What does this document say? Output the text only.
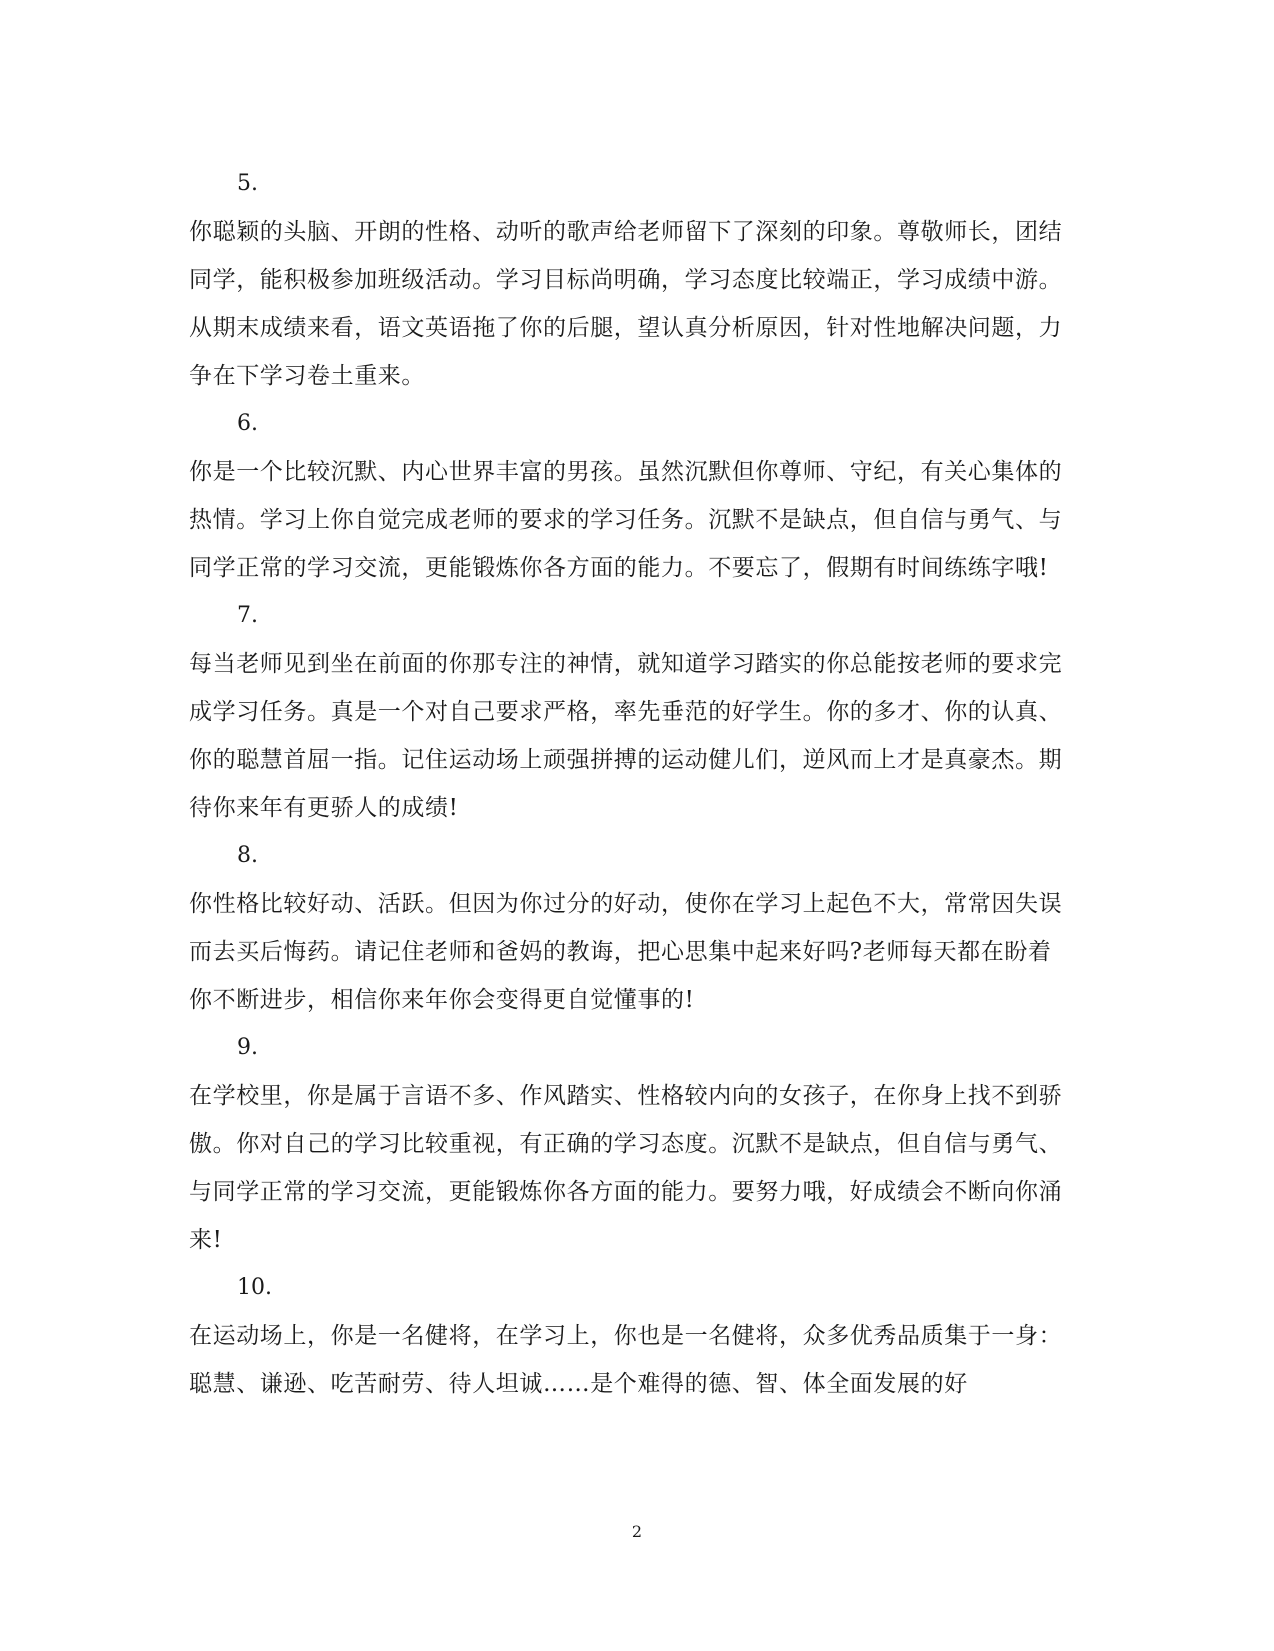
5.

你聪颖的头脑、开朗的性格、动听的歌声给老师留下了深刻的印象。尊敬师长，团结同学，能积极参加班级活动。学习目标尚明确，学习态度比较端正，学习成绩中游。从期末成绩来看，语文英语拖了你的后腿，望认真分析原因，针对性地解决问题，力争在下学习卷土重来。

6.

你是一个比较沉默、内心世界丰富的男孩。虽然沉默但你尊师、守纪，有关心集体的热情。学习上你自觉完成老师的要求的学习任务。沉默不是缺点，但自信与勇气、与同学正常的学习交流，更能锻炼你各方面的能力。不要忘了，假期有时间练练字哦!

7.

每当老师见到坐在前面的你那专注的神情，就知道学习踏实的你总能按老师的要求完成学习任务。真是一个对自己要求严格，率先垂范的好学生。你的多才、你的认真、你的聪慧首屈一指。记住运动场上顽强拼搏的运动健儿们，逆风而上才是真豪杰。期待你来年有更骄人的成绩!

8.

你性格比较好动、活跃。但因为你过分的好动，使你在学习上起色不大，常常因失误而去买后悔药。请记住老师和爸妈的教诲，把心思集中起来好吗?老师每天都在盼着你不断进步，相信你来年你会变得更自觉懂事的!

9.

在学校里，你是属于言语不多、作风踏实、性格较内向的女孩子，在你身上找不到骄傲。你对自己的学习比较重视，有正确的学习态度。沉默不是缺点，但自信与勇气、与同学正常的学习交流，更能锻炼你各方面的能力。要努力哦，好成绩会不断向你涌来!

10.

在运动场上，你是一名健将，在学习上，你也是一名健将，众多优秀品质集于一身：聪慧、谦逊、吃苦耐劳、待人坦诚……是个难得的德、智、体全面发展的好

2
